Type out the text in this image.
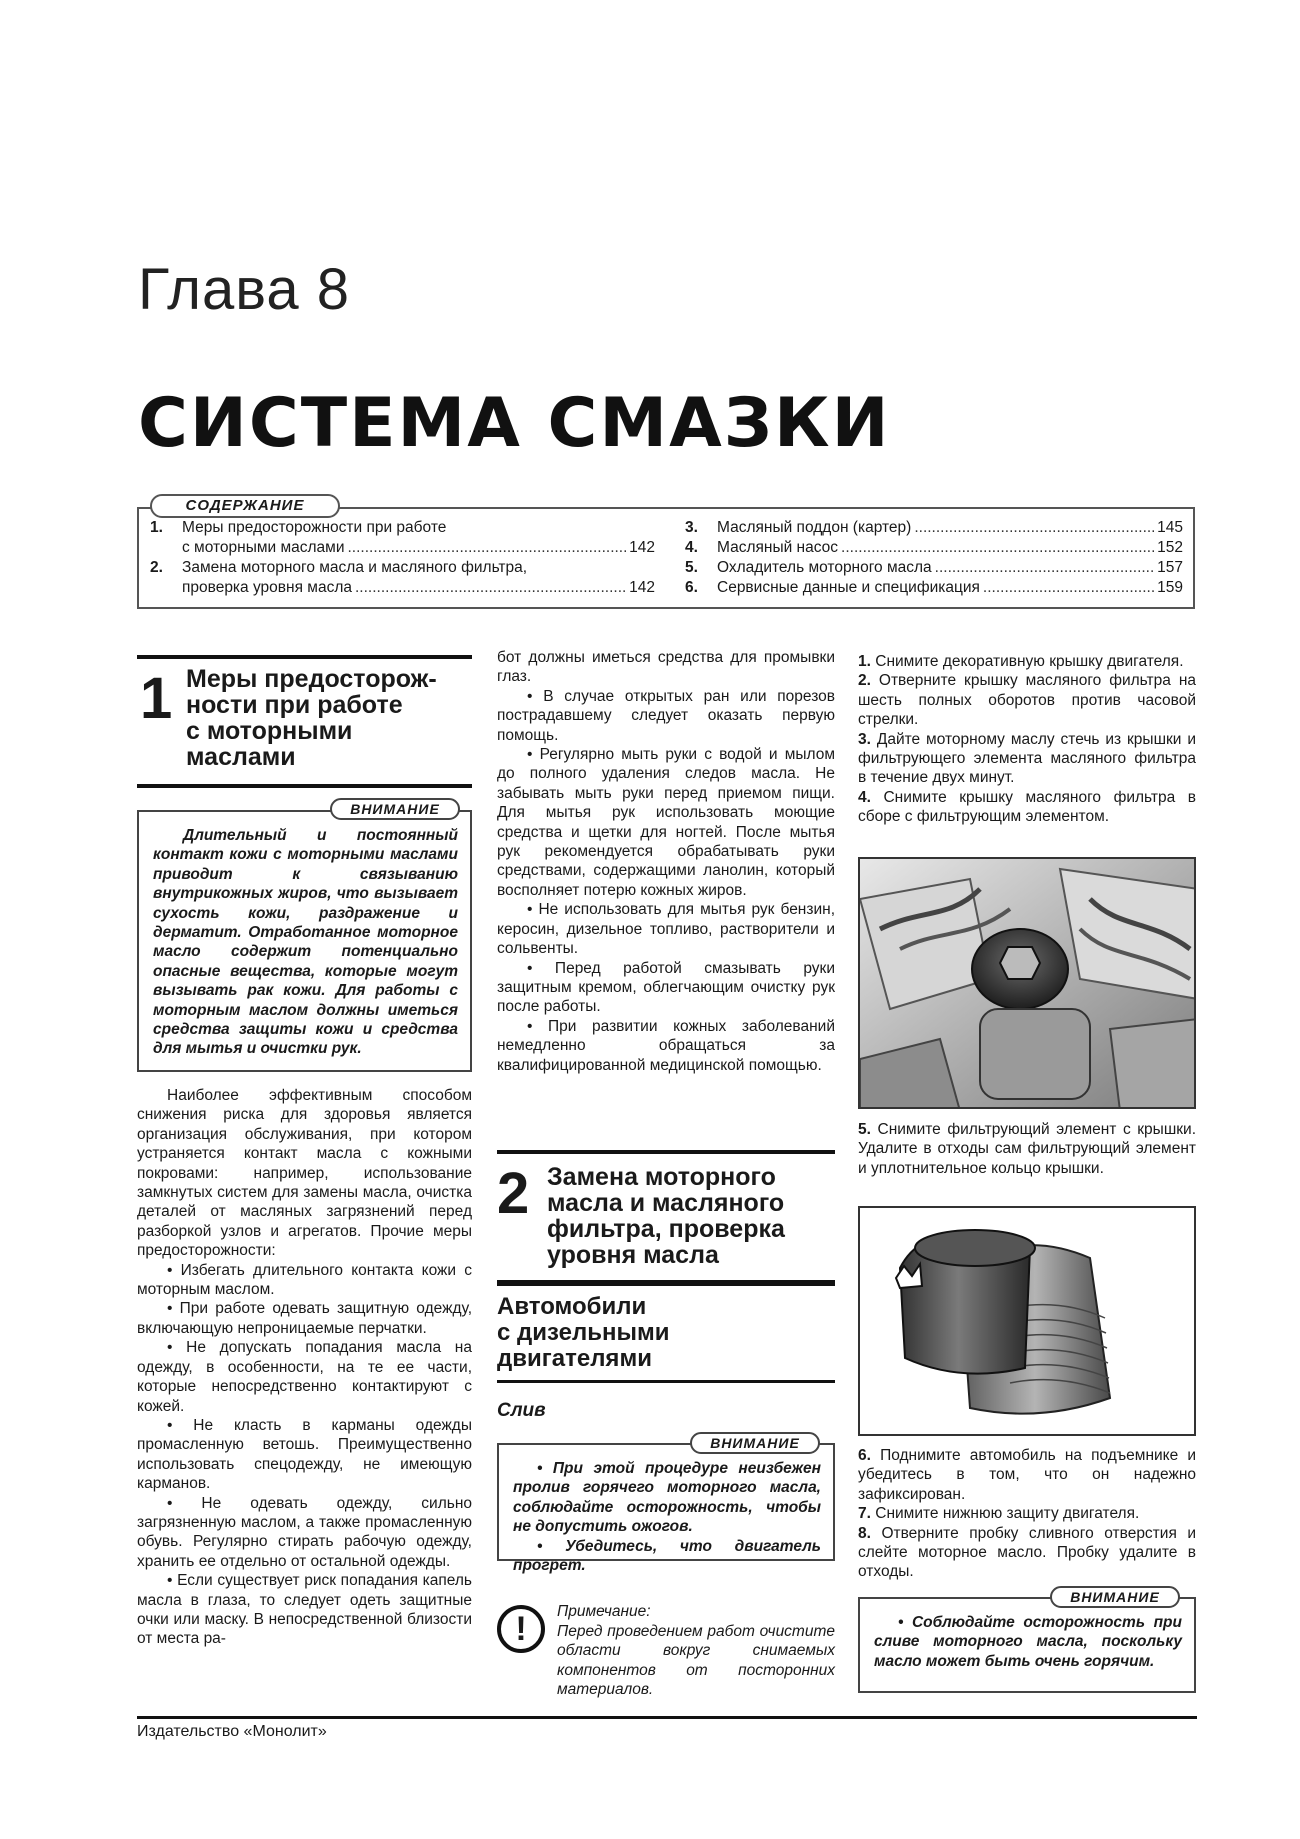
Глава 8
СИСТЕМА СМАЗКИ
СОДЕРЖАНИЕ
1.	Меры предосторожности при работе
с моторными маслами .....	142
2.	Замена моторного масла и масляного фильтра,
проверка уровня масла .....	142
3.	Масляный поддон (картер) .....	145
4.	Масляный насос .....	152
5.	Охладитель моторного масла .....	157
6.	Сервисные данные и спецификация .....	159
1 Меры предосторож-
ности при работе
с моторными
маслами

Длительный и постоянный контакт кожи с моторными маслами приводит к связыванию внутрикожных жиров, что вызывает сухость кожи, раздражение и дерматит. Отработанное моторное масло содержит потенциально опасные вещества, которые могут вызывать рак кожи. Для работы с моторным маслом должны иметься средства защиты кожи и средства для мытья и очистки рук.

ВНИМАНИЕ

Наиболее эффективным способом снижения риска для здоровья является организация обслуживания, при котором устраняется контакт масла с кожными покровами: например, использование замкнутых систем для замены масла, очистка деталей от масляных загрязнений перед разборкой узлов и агрегатов. Прочие меры предосторожности:

• Избегать длительного контакта кожи с моторным маслом.

• При работе одевать защитную одежду, включающую непроницаемые перчатки.

• Не допускать попадания масла на одежду, в особенности, на те ее части, которые непосредственно контактируют с кожей.

• Не класть в карманы одежды промасленную ветошь. Преимущественно использовать спецодежду, не имеющую карманов.

• Не одевать одежду, сильно загрязненную маслом, а также промасленную обувь. Регулярно стирать рабочую одежду, хранить ее отдельно от остальной одежды.

• Если существует риск попадания капель масла в глаза, то следует одеть защитные очки или маску. В непосредственной близости от места ра-

бот должны иметься средства для промывки глаз.

• В случае открытых ран или порезов пострадавшему следует оказать первую помощь.

• Регулярно мыть руки с водой и мылом до полного удаления следов масла. Не забывать мыть руки перед приемом пищи. Для мытья рук использовать моющие средства и щетки для ногтей. После мытья рук рекомендуется обрабатывать руки средствами, содержащими ланолин, который восполняет потерю кожных жиров.

• Не использовать для мытья рук бензин, керосин, дизельное топливо, растворители и сольвенты.

• Перед работой смазывать руки защитным кремом, облегчающим очистку рук после работы.

• При развитии кожных заболеваний немедленно обращаться за квалифицированной медицинской помощью.

2 Замена моторного
масла и масляного
фильтра, проверка
уровня масла
Автомобили
с дизельными
двигателями
Слив

• При этой процедуре неизбежен пролив горячего моторного масла, соблюдайте осторожность, чтобы не допустить ожогов.

• Убедитесь, что двигатель прогрет.

ВНИМАНИЕ
!	Примечание:
Перед проведением работ очистите области вокруг снимаемых компонентов от посторонних материалов.

1. Снимите декоративную крышку двигателя.

2. Отверните крышку масляного фильтра на шесть полных оборотов против часовой стрелки.

3. Дайте моторному маслу стечь из крышки и фильтрующего элемента масляного фильтра в течение двух минут.

4. Снимите крышку масляного фильтра в сборе с фильтрующим элементом.

5. Снимите фильтрующий элемент с крышки. Удалите в отходы сам фильтрующий элемент и уплотнительное кольцо крышки.

6. Поднимите автомобиль на подъемнике и убедитесь в том, что он надежно зафиксирован.

7. Снимите нижнюю защиту двигателя.

8. Отверните пробку сливного отверстия и слейте моторное масло. Пробку удалите в отходы.

• Соблюдайте осторожность при сливе моторного масла, поскольку масло может быть очень горячим.

ВНИМАНИЕ
Издательство «Монолит»
